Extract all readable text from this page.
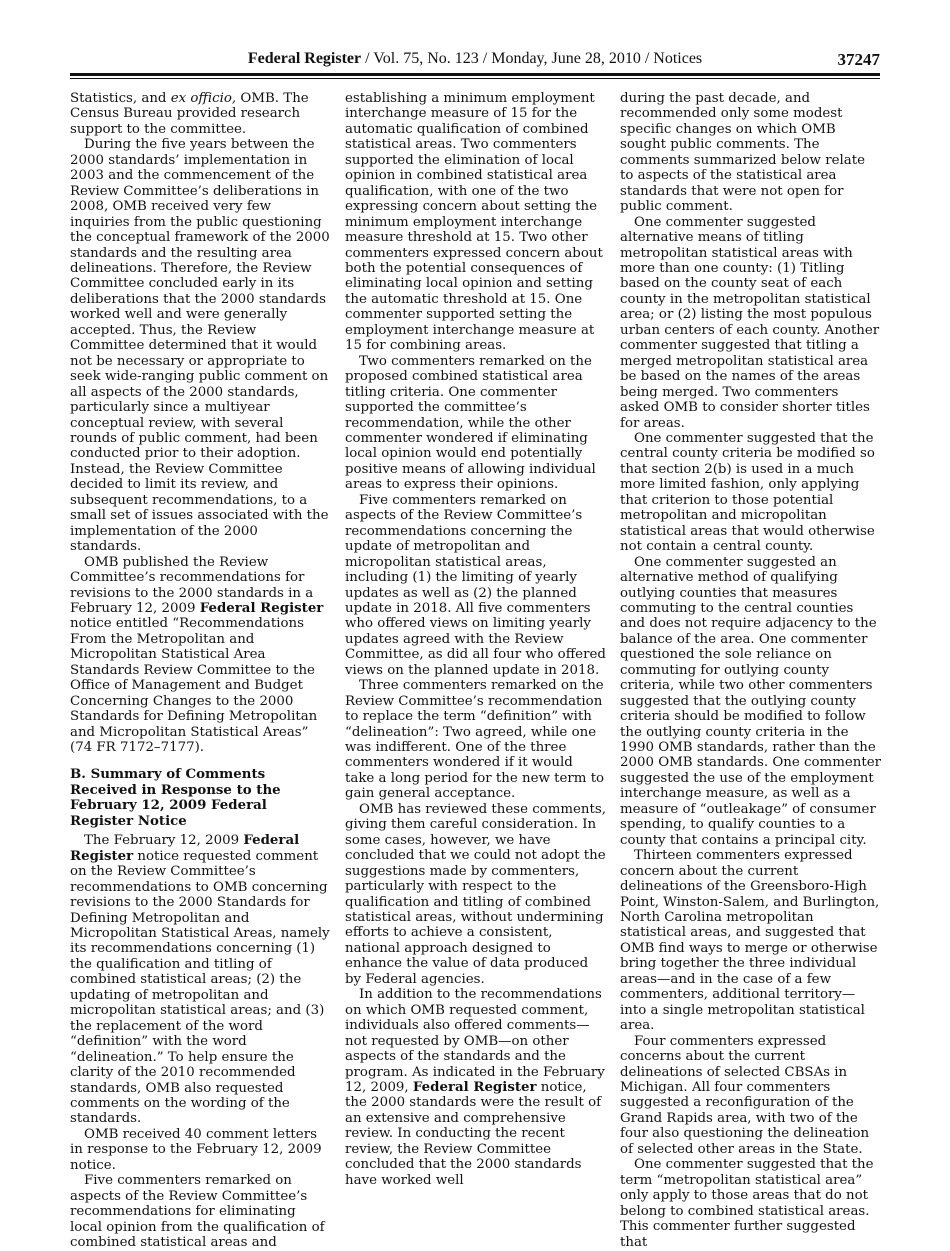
Federal Register / Vol. 75, No. 123 / Monday, June 28, 2010 / Notices	37247

Statistics, and ex officio, OMB. The Census Bureau provided research support to the committee.

During the five years between the 2000 standards’ implementation in 2003 and the commencement of the Review Committee’s deliberations in 2008, OMB received very few inquiries from the public questioning the conceptual framework of the 2000 standards and the resulting area delineations. Therefore, the Review Committee concluded early in its deliberations that the 2000 standards worked well and were generally accepted. Thus, the Review Committee determined that it would not be necessary or appropriate to seek wide-ranging public comment on all aspects of the 2000 standards, particularly since a multiyear conceptual review, with several rounds of public comment, had been conducted prior to their adoption. Instead, the Review Committee decided to limit its review, and subsequent recommendations, to a small set of issues associated with the implementation of the 2000 standards.

OMB published the Review Committee’s recommendations for revisions to the 2000 standards in a February 12, 2009 Federal Register notice entitled “Recommendations From the Metropolitan and Micropolitan Statistical Area Standards Review Committee to the Office of Management and Budget Concerning Changes to the 2000 Standards for Defining Metropolitan and Micropolitan Statistical Areas” (74 FR 7172–7177).

B. Summary of Comments Received in Response to the February 12, 2009 Federal Register Notice

The February 12, 2009 Federal Register notice requested comment on the Review Committee’s recommendations to OMB concerning revisions to the 2000 Standards for Defining Metropolitan and Micropolitan Statistical Areas, namely its recommendations concerning (1) the qualification and titling of combined statistical areas; (2) the updating of metropolitan and micropolitan statistical areas; and (3) the replacement of the word “definition” with the word “delineation.” To help ensure the clarity of the 2010 recommended standards, OMB also requested comments on the wording of the standards.

OMB received 40 comment letters in response to the February 12, 2009 notice.

Five commenters remarked on aspects of the Review Committee’s recommendations for eliminating local opinion from the qualification of combined statistical areas and

establishing a minimum employment interchange measure of 15 for the automatic qualification of combined statistical areas. Two commenters supported the elimination of local opinion in combined statistical area qualification, with one of the two expressing concern about setting the minimum employment interchange measure threshold at 15. Two other commenters expressed concern about both the potential consequences of eliminating local opinion and setting the automatic threshold at 15. One commenter supported setting the employment interchange measure at 15 for combining areas.

Two commenters remarked on the proposed combined statistical area titling criteria. One commenter supported the committee’s recommendation, while the other commenter wondered if eliminating local opinion would end potentially positive means of allowing individual areas to express their opinions.

Five commenters remarked on aspects of the Review Committee’s recommendations concerning the update of metropolitan and micropolitan statistical areas, including (1) the limiting of yearly updates as well as (2) the planned update in 2018. All five commenters who offered views on limiting yearly updates agreed with the Review Committee, as did all four who offered views on the planned update in 2018.

Three commenters remarked on the Review Committee’s recommendation to replace the term “definition” with “delineation”: Two agreed, while one was indifferent. One of the three commenters wondered if it would take a long period for the new term to gain general acceptance.

OMB has reviewed these comments, giving them careful consideration. In some cases, however, we have concluded that we could not adopt the suggestions made by commenters, particularly with respect to the qualification and titling of combined statistical areas, without undermining efforts to achieve a consistent, national approach designed to enhance the value of data produced by Federal agencies.

In addition to the recommendations on which OMB requested comment, individuals also offered comments—not requested by OMB—on other aspects of the standards and the program. As indicated in the February 12, 2009, Federal Register notice, the 2000 standards were the result of an extensive and comprehensive review. In conducting the recent review, the Review Committee concluded that the 2000 standards have worked well

during the past decade, and recommended only some modest specific changes on which OMB sought public comments. The comments summarized below relate to aspects of the statistical area standards that were not open for public comment.

One commenter suggested alternative means of titling metropolitan statistical areas with more than one county: (1) Titling based on the county seat of each county in the metropolitan statistical area; or (2) listing the most populous urban centers of each county. Another commenter suggested that titling a merged metropolitan statistical area be based on the names of the areas being merged. Two commenters asked OMB to consider shorter titles for areas.

One commenter suggested that the central county criteria be modified so that section 2(b) is used in a much more limited fashion, only applying that criterion to those potential metropolitan and micropolitan statistical areas that would otherwise not contain a central county.

One commenter suggested an alternative method of qualifying outlying counties that measures commuting to the central counties and does not require adjacency to the balance of the area. One commenter questioned the sole reliance on commuting for outlying county criteria, while two other commenters suggested that the outlying county criteria should be modified to follow the outlying county criteria in the 1990 OMB standards, rather than the 2000 OMB standards. One commenter suggested the use of the employment interchange measure, as well as a measure of “outleakage” of consumer spending, to qualify counties to a county that contains a principal city.

Thirteen commenters expressed concern about the current delineations of the Greensboro-High Point, Winston-Salem, and Burlington, North Carolina metropolitan statistical areas, and suggested that OMB find ways to merge or otherwise bring together the three individual areas—and in the case of a few commenters, additional territory—into a single metropolitan statistical area.

Four commenters expressed concerns about the current delineations of selected CBSAs in Michigan. All four commenters suggested a reconfiguration of the Grand Rapids area, with two of the four also questioning the delineation of selected other areas in the State.

One commenter suggested that the term “metropolitan statistical area” only apply to those areas that do not belong to combined statistical areas. This commenter further suggested that
